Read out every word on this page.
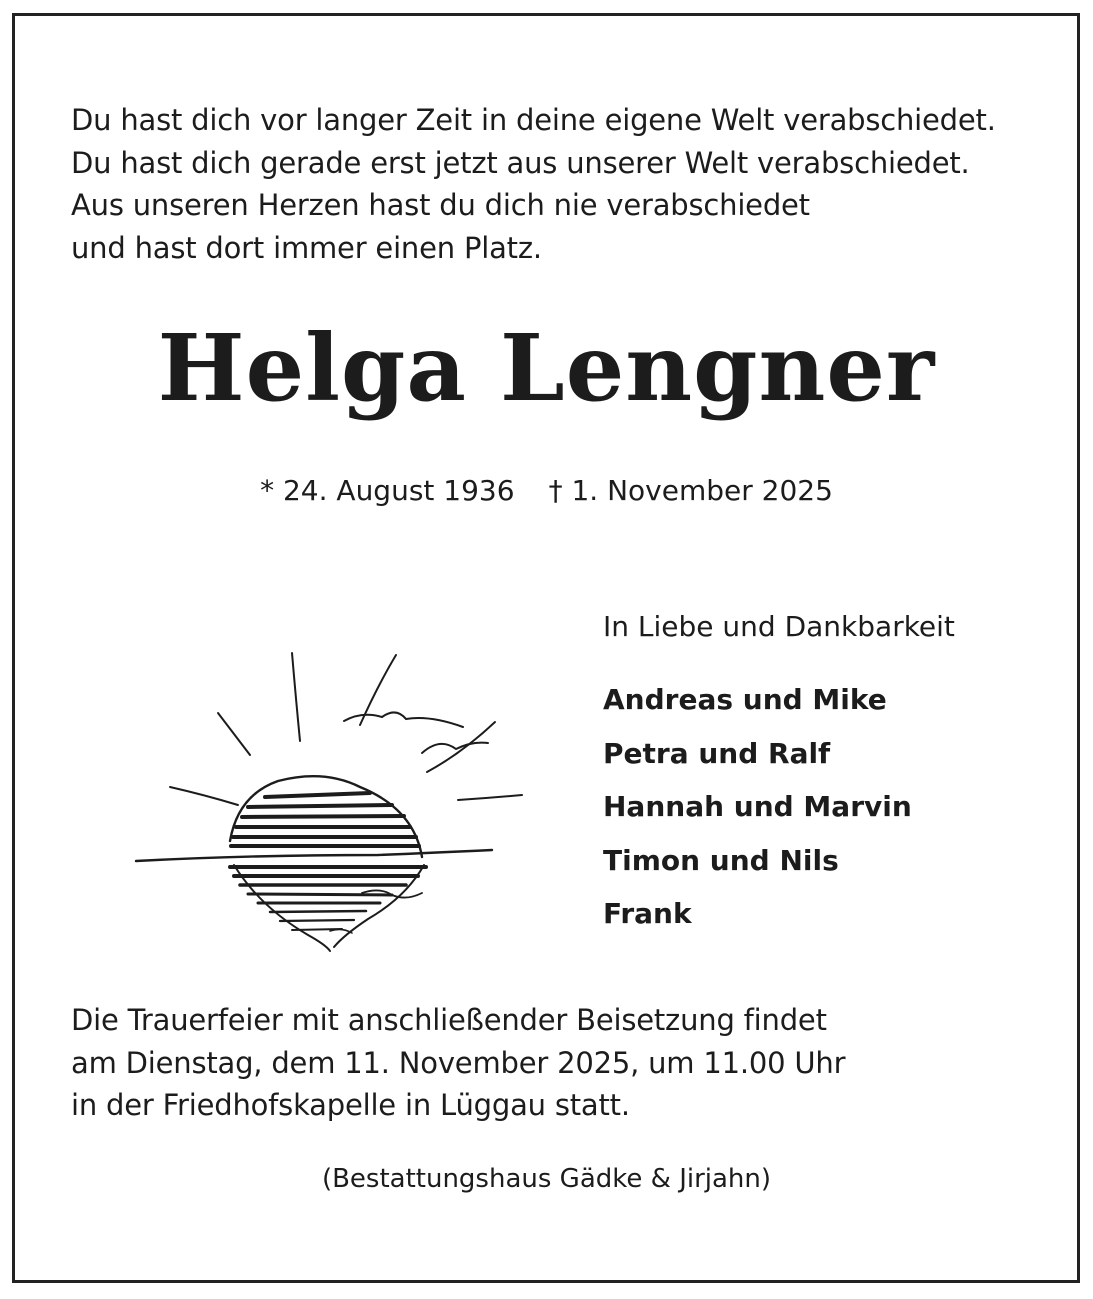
Du hast dich vor langer Zeit in deine eigene Welt verabschiedet.
Du hast dich gerade erst jetzt aus unserer Welt verabschiedet.
Aus unseren Herzen hast du dich nie verabschiedet
und hast dort immer einen Platz.
Helga Lengner
* 24. August 1936 † 1. November 2025
In Liebe und Dankbarkeit
Andreas und Mike
Petra und Ralf
Hannah und Marvin
Timon und Nils
Frank
Die Trauerfeier mit anschließender Beisetzung findet
am Dienstag, dem 11. November 2025, um 11.00 Uhr
in der Friedhofskapelle in Lüggau statt.
(Bestattungshaus Gädke & Jirjahn)
